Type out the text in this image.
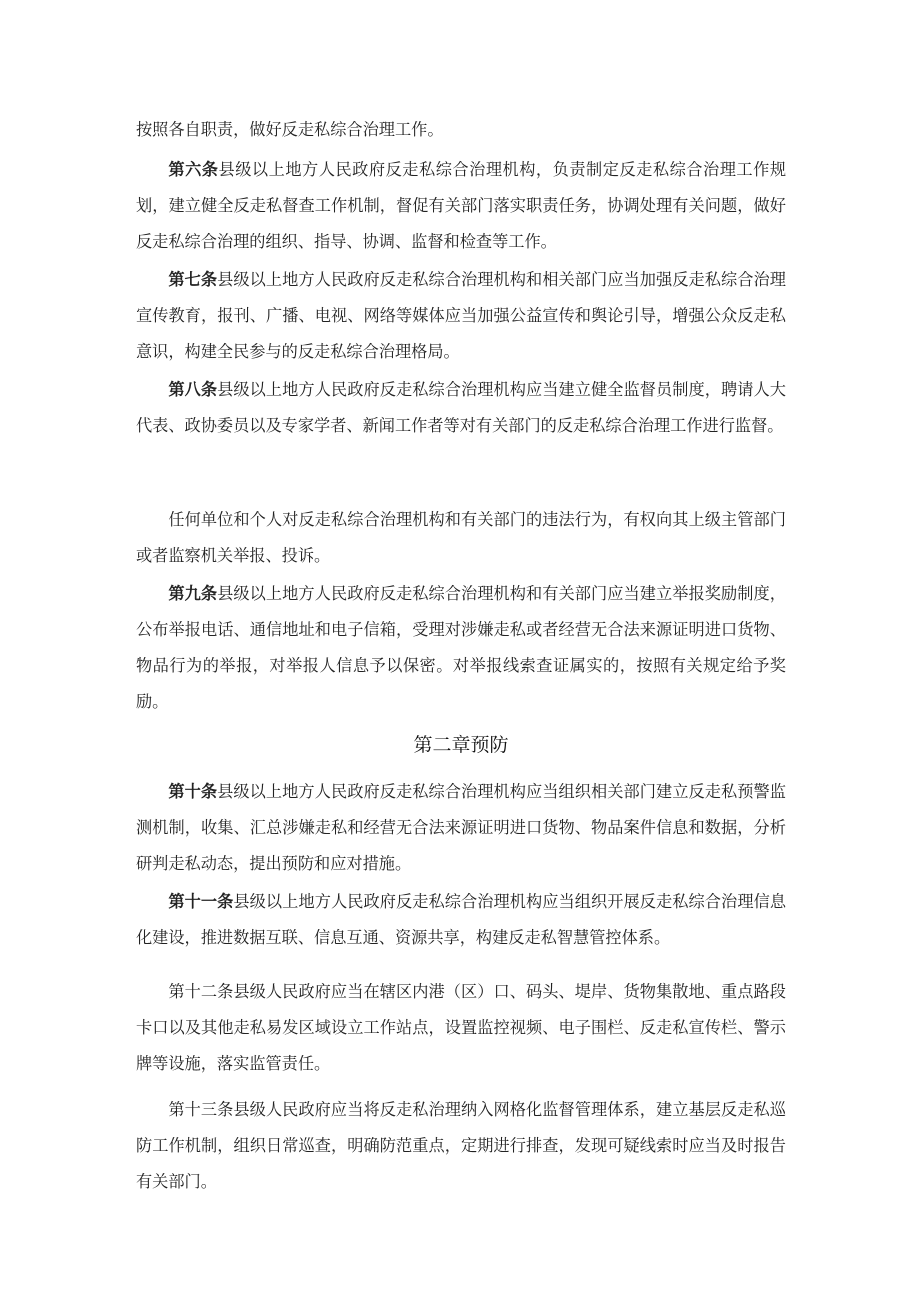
按照各自职责，做好反走私综合治理工作。

第六条县级以上地方人民政府反走私综合治理机构，负责制定反走私综合治理工作规划，建立健全反走私督查工作机制，督促有关部门落实职责任务，协调处理有关问题，做好反走私综合治理的组织、指导、协调、监督和检查等工作。

第七条县级以上地方人民政府反走私综合治理机构和相关部门应当加强反走私综合治理宣传教育，报刊、广播、电视、网络等媒体应当加强公益宣传和舆论引导，增强公众反走私意识，构建全民参与的反走私综合治理格局。

第八条县级以上地方人民政府反走私综合治理机构应当建立健全监督员制度，聘请人大代表、政协委员以及专家学者、新闻工作者等对有关部门的反走私综合治理工作进行监督。

任何单位和个人对反走私综合治理机构和有关部门的违法行为，有权向其上级主管部门或者监察机关举报、投诉。

第九条县级以上地方人民政府反走私综合治理机构和有关部门应当建立举报奖励制度，公布举报电话、通信地址和电子信箱，受理对涉嫌走私或者经营无合法来源证明进口货物、物品行为的举报，对举报人信息予以保密。对举报线索查证属实的，按照有关规定给予奖励。

第二章预防

第十条县级以上地方人民政府反走私综合治理机构应当组织相关部门建立反走私预警监测机制，收集、汇总涉嫌走私和经营无合法来源证明进口货物、物品案件信息和数据，分析研判走私动态，提出预防和应对措施。

第十一条县级以上地方人民政府反走私综合治理机构应当组织开展反走私综合治理信息化建设，推进数据互联、信息互通、资源共享，构建反走私智慧管控体系。

第十二条县级人民政府应当在辖区内港（区）口、码头、堤岸、货物集散地、重点路段卡口以及其他走私易发区域设立工作站点，设置监控视频、电子围栏、反走私宣传栏、警示牌等设施，落实监管责任。

第十三条县级人民政府应当将反走私治理纳入网格化监督管理体系，建立基层反走私巡防工作机制，组织日常巡查，明确防范重点，定期进行排查，发现可疑线索时应当及时报告有关部门。
